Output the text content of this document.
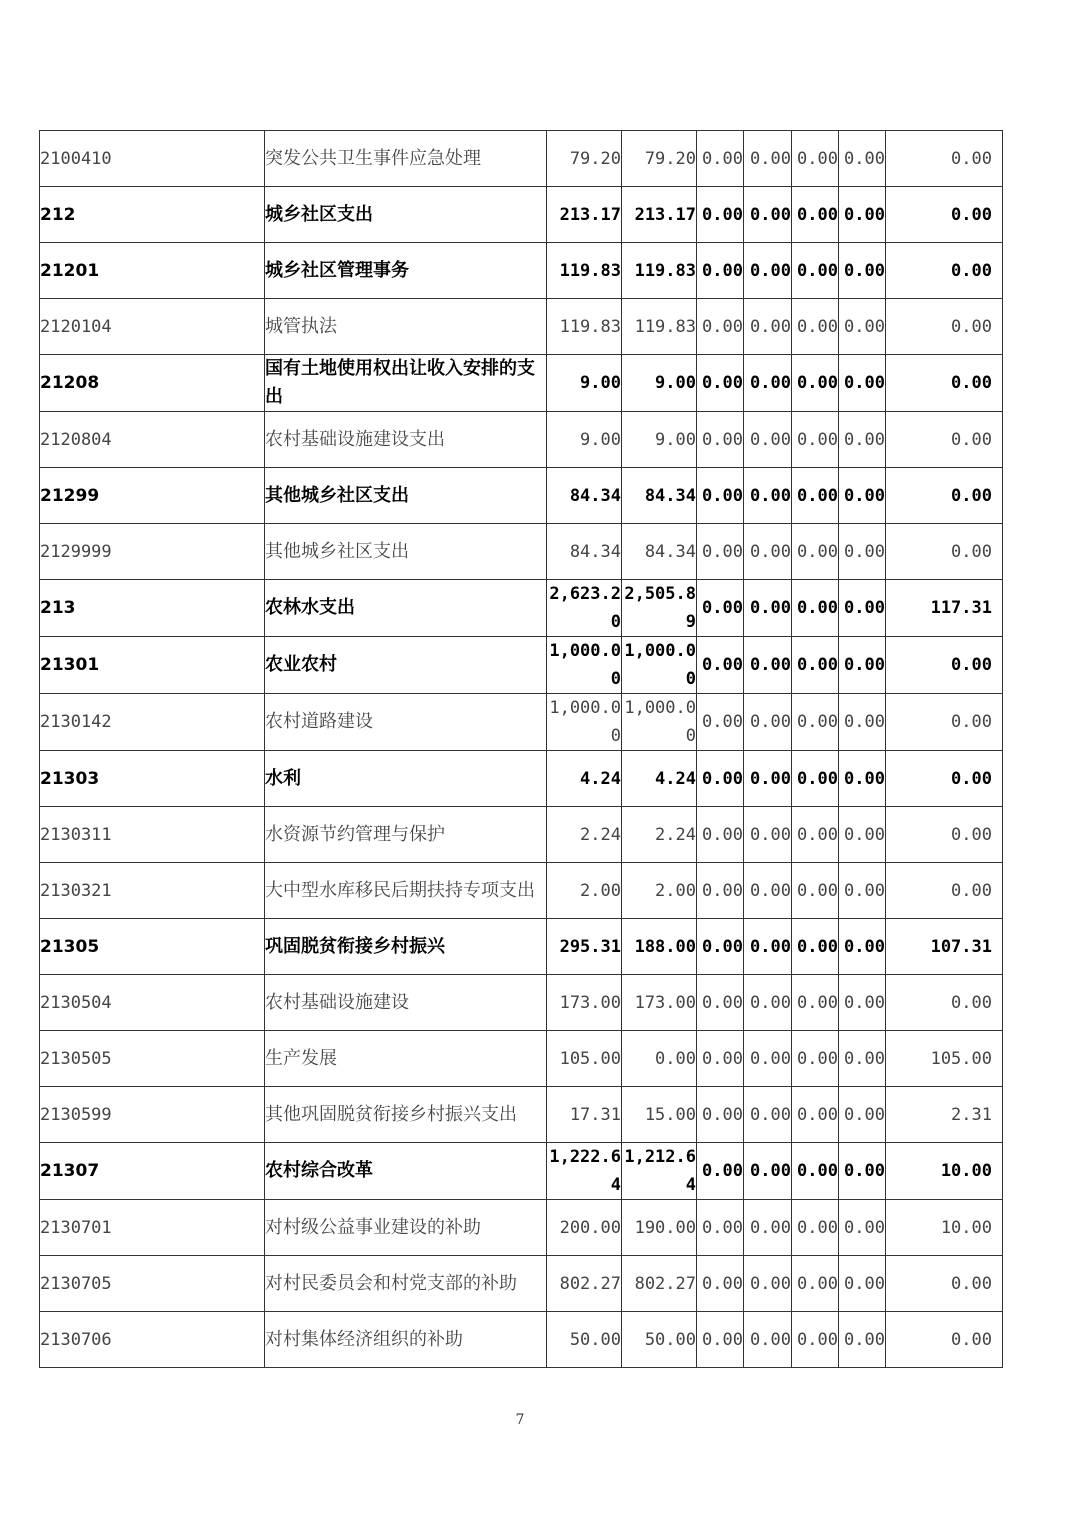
2100410	突发公共卫生事件应急处理	79.20	79.20	0.00	0.00	0.00	0.00	0.00
212	城乡社区支出	213.17	213.17	0.00	0.00	0.00	0.00	0.00
21201	城乡社区管理事务	119.83	119.83	0.00	0.00	0.00	0.00	0.00
2120104	城管执法	119.83	119.83	0.00	0.00	0.00	0.00	0.00
21208	国有土地使用权出让收入安排的支出	9.00	9.00	0.00	0.00	0.00	0.00	0.00
2120804	农村基础设施建设支出	9.00	9.00	0.00	0.00	0.00	0.00	0.00
21299	其他城乡社区支出	84.34	84.34	0.00	0.00	0.00	0.00	0.00
2129999	其他城乡社区支出	84.34	84.34	0.00	0.00	0.00	0.00	0.00
213	农林水支出	2,623.20	2,505.89	0.00	0.00	0.00	0.00	117.31
21301	农业农村	1,000.00	1,000.00	0.00	0.00	0.00	0.00	0.00
2130142	农村道路建设	1,000.00	1,000.00	0.00	0.00	0.00	0.00	0.00
21303	水利	4.24	4.24	0.00	0.00	0.00	0.00	0.00
2130311	水资源节约管理与保护	2.24	2.24	0.00	0.00	0.00	0.00	0.00
2130321	大中型水库移民后期扶持专项支出	2.00	2.00	0.00	0.00	0.00	0.00	0.00
21305	巩固脱贫衔接乡村振兴	295.31	188.00	0.00	0.00	0.00	0.00	107.31
2130504	农村基础设施建设	173.00	173.00	0.00	0.00	0.00	0.00	0.00
2130505	生产发展	105.00	0.00	0.00	0.00	0.00	0.00	105.00
2130599	其他巩固脱贫衔接乡村振兴支出	17.31	15.00	0.00	0.00	0.00	0.00	2.31
21307	农村综合改革	1,222.64	1,212.64	0.00	0.00	0.00	0.00	10.00
2130701	对村级公益事业建设的补助	200.00	190.00	0.00	0.00	0.00	0.00	10.00
2130705	对村民委员会和村党支部的补助	802.27	802.27	0.00	0.00	0.00	0.00	0.00
2130706	对村集体经济组织的补助	50.00	50.00	0.00	0.00	0.00	0.00	0.00
7
